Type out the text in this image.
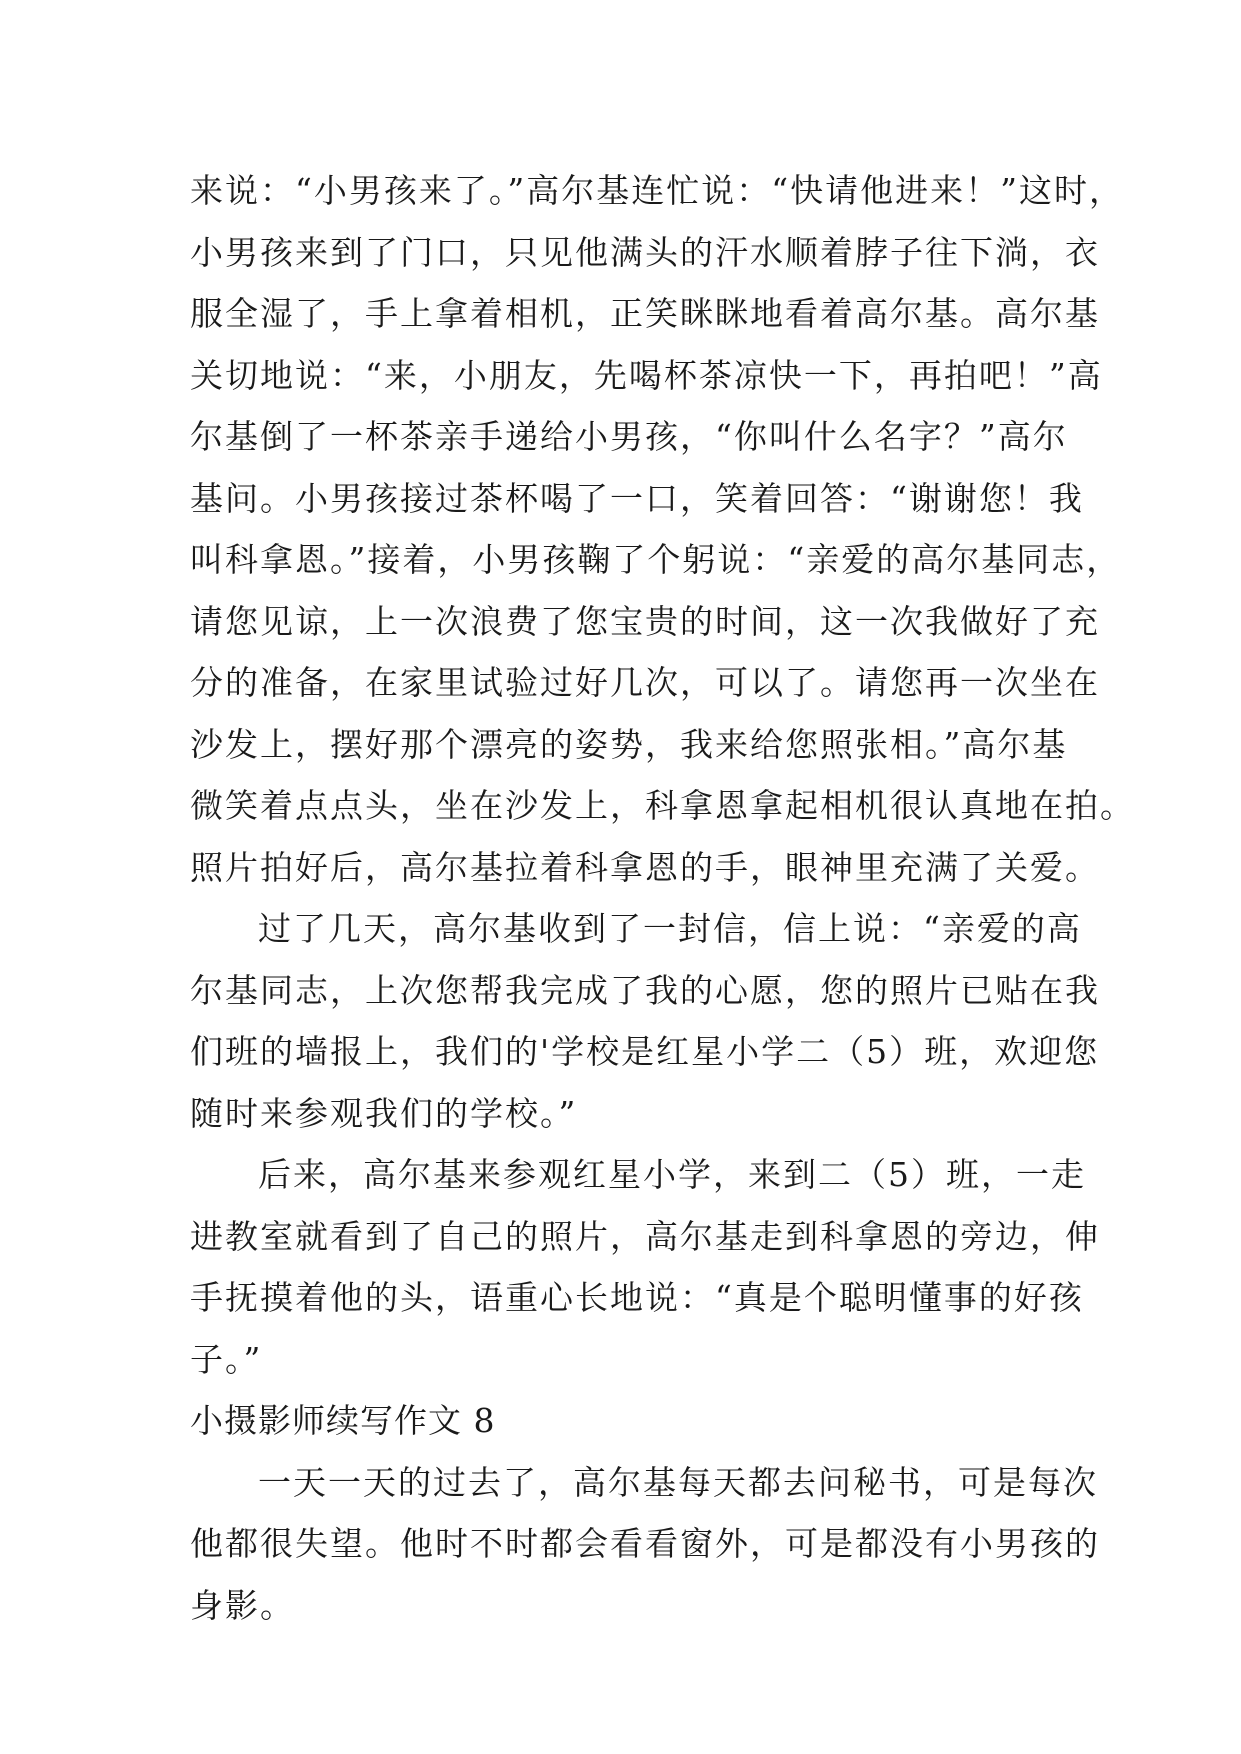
来说：“小男孩来了。”高尔基连忙说：“快请他进来！”这时，
小男孩来到了门口，只见他满头的汗水顺着脖子往下淌，衣
服全湿了，手上拿着相机，正笑眯眯地看着高尔基。高尔基
关切地说：“来，小朋友，先喝杯茶凉快一下，再拍吧！”高
尔基倒了一杯茶亲手递给小男孩，“你叫什么名字？”高尔
基问。小男孩接过茶杯喝了一口，笑着回答：“谢谢您！我
叫科拿恩。”接着，小男孩鞠了个躬说：“亲爱的高尔基同志，
请您见谅，上一次浪费了您宝贵的时间，这一次我做好了充
分的准备，在家里试验过好几次，可以了。请您再一次坐在
沙发上，摆好那个漂亮的姿势，我来给您照张相。”高尔基
微笑着点点头，坐在沙发上，科拿恩拿起相机很认真地在拍。
照片拍好后，高尔基拉着科拿恩的手，眼神里充满了关爱。
过了几天，高尔基收到了一封信，信上说：“亲爱的高
尔基同志，上次您帮我完成了我的心愿，您的照片已贴在我
们班的墙报上，我们的'学校是红星小学二（5）班，欢迎您
随时来参观我们的学校。”
后来，高尔基来参观红星小学，来到二（5）班，一走
进教室就看到了自己的照片，高尔基走到科拿恩的旁边，伸
手抚摸着他的头，语重心长地说：“真是个聪明懂事的好孩
子。”
小摄影师续写作文 8
一天一天的过去了，高尔基每天都去问秘书，可是每次
他都很失望。他时不时都会看看窗外，可是都没有小男孩的
身影。
